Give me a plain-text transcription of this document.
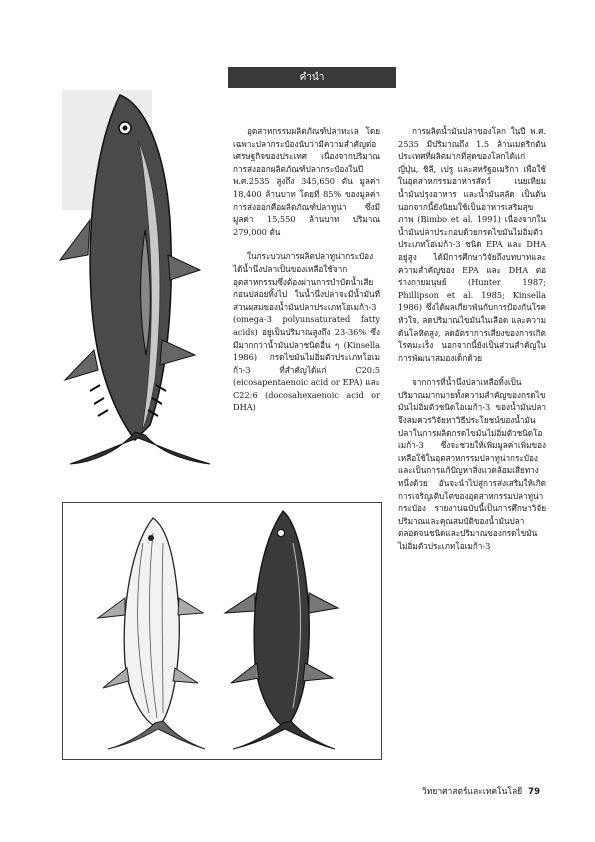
คำนำ

อุตสาหกรรมผลิตภัณฑ์ปลาทะเล โดยเฉพาะปลากระป๋องนับว่ามีความสำคัญต่อเศรษฐกิจของประเทศ เนื่องจากปริมาณการส่งออกผลิตภัณฑ์ปลากระป๋องในปี พ.ศ.2535 สูงถึง 345,650 ตัน มูลค่า 18,400 ล้านบาท โดยที่ 85% ของมูลค่าการส่งออกคือผลิตภัณฑ์ปลาทูน่า ซึ่งมีมูลค่า 15,550 ล้านบาท ปริมาณ 279,000 ตัน

ในกระบวนการผลิตปลาทูน่ากระป๋องได้น้ำนึ่งปลาเป็นของเหลือใช้จากอุตสาหกรรมซึ่งต้องผ่านการบำบัดน้ำเสียก่อนปล่อยทิ้งไป ในน้ำนึ่งปลาจะมีน้ำมันที่ส่วนผสมของน้ำมันปลาประเภทโอเมก้า-3 (omega-3 polyunsaturated fatty acids) อยู่เป็นปริมาณสูงถึง 23-36% ซึ่งมีมากกว่าน้ำมันปลาชนิดอื่น ๆ (Kinsella 1986) กรดไขมันไม่อิ่มตัวประเภทโอเมก้า-3 ที่สำคัญได้แก่ C20:5 (eicosapentaenoic acid or EPA) และ C22:6 (docosahexaenoic acid or DHA)

การผลิตน้ำมันปลาของโลก ในปี พ.ศ. 2535 มีปริมาณถึง 1.5 ล้านเมตริกตัน ประเทศที่ผลิตมากที่สุดของโลกได้แก่ ญี่ปุ่น, ชิลี, เปรู และสหรัฐอเมริกา เพื่อใช้ในอุตสาหกรรมอาหารสัตว์ เนยเทียม น้ำมันปรุงอาหาร และน้ำมันสลัด เป็นต้น นอกจากนี้ยังนิยมใช้เป็นอาหารเสริมสุขภาพ (Bimbo et al. 1991) เนื่องจากในน้ำมันปลาประกอบด้วยกรดไขมันไม่อิ่มตัวประเภทโอเมก้า-3 ชนิด EPA และ DHA อยู่สูง ได้มีการศึกษาวิจัยถึงบทบาทและความสำคัญของ EPA และ DHA ต่อร่างกายมนุษย์ (Hunter 1987; Phillipson et al. 1985; Kinsella 1986) ซึ่งได้ผลเกี่ยวพันกับการป้องกันโรคหัวใจ, ลดปริมาณไขมันในเลือด และความดันโลหิตสูง, ลดอัตราการเสี่ยงของการเกิดโรคมะเร็ง นอกจากนี้ยังเป็นส่วนสำคัญในการพัฒนาสมองเด็กด้วย

จากการที่น้ำนึ่งปลาเหลือทิ้งเป็นปริมาณมากมายทั้งความสำคัญของกรดไขมันไม่อิ่มตัวชนิดโอเมก้า-3 ของน้ำมันปลา จึงสมควรวิจัยหาวิธีประโยชน์ของน้ำมันปลาในการผลิตกรดไขมันไม่อิ่มตัวชนิดโอเมก้า-3 ซึ่งจะช่วยให้เพิ่มมูลค่าเพิ่มของเหลือใช้ในอุตสาหกรรมปลาทูน่ากระป๋อง และเป็นการแก้ปัญหาสิ่งแวดล้อมเสียทางหนึ่งด้วย อันจะนำไปสู่การส่งเสริมให้เกิดการเจริญเติบโตของอุตสาหกรรมปลาทูน่ากระป๋อง รายงานฉบับนี้เป็นการศึกษาวิจัยปริมาณและคุณสมบัติของน้ำมันปลา ตลอดจนชนิดและปริมาณของกรดไขมันไม่อิ่มตัวประเภทโอเมก้า-3

วิทยาศาสตร์และเทคโนโลยี 79
